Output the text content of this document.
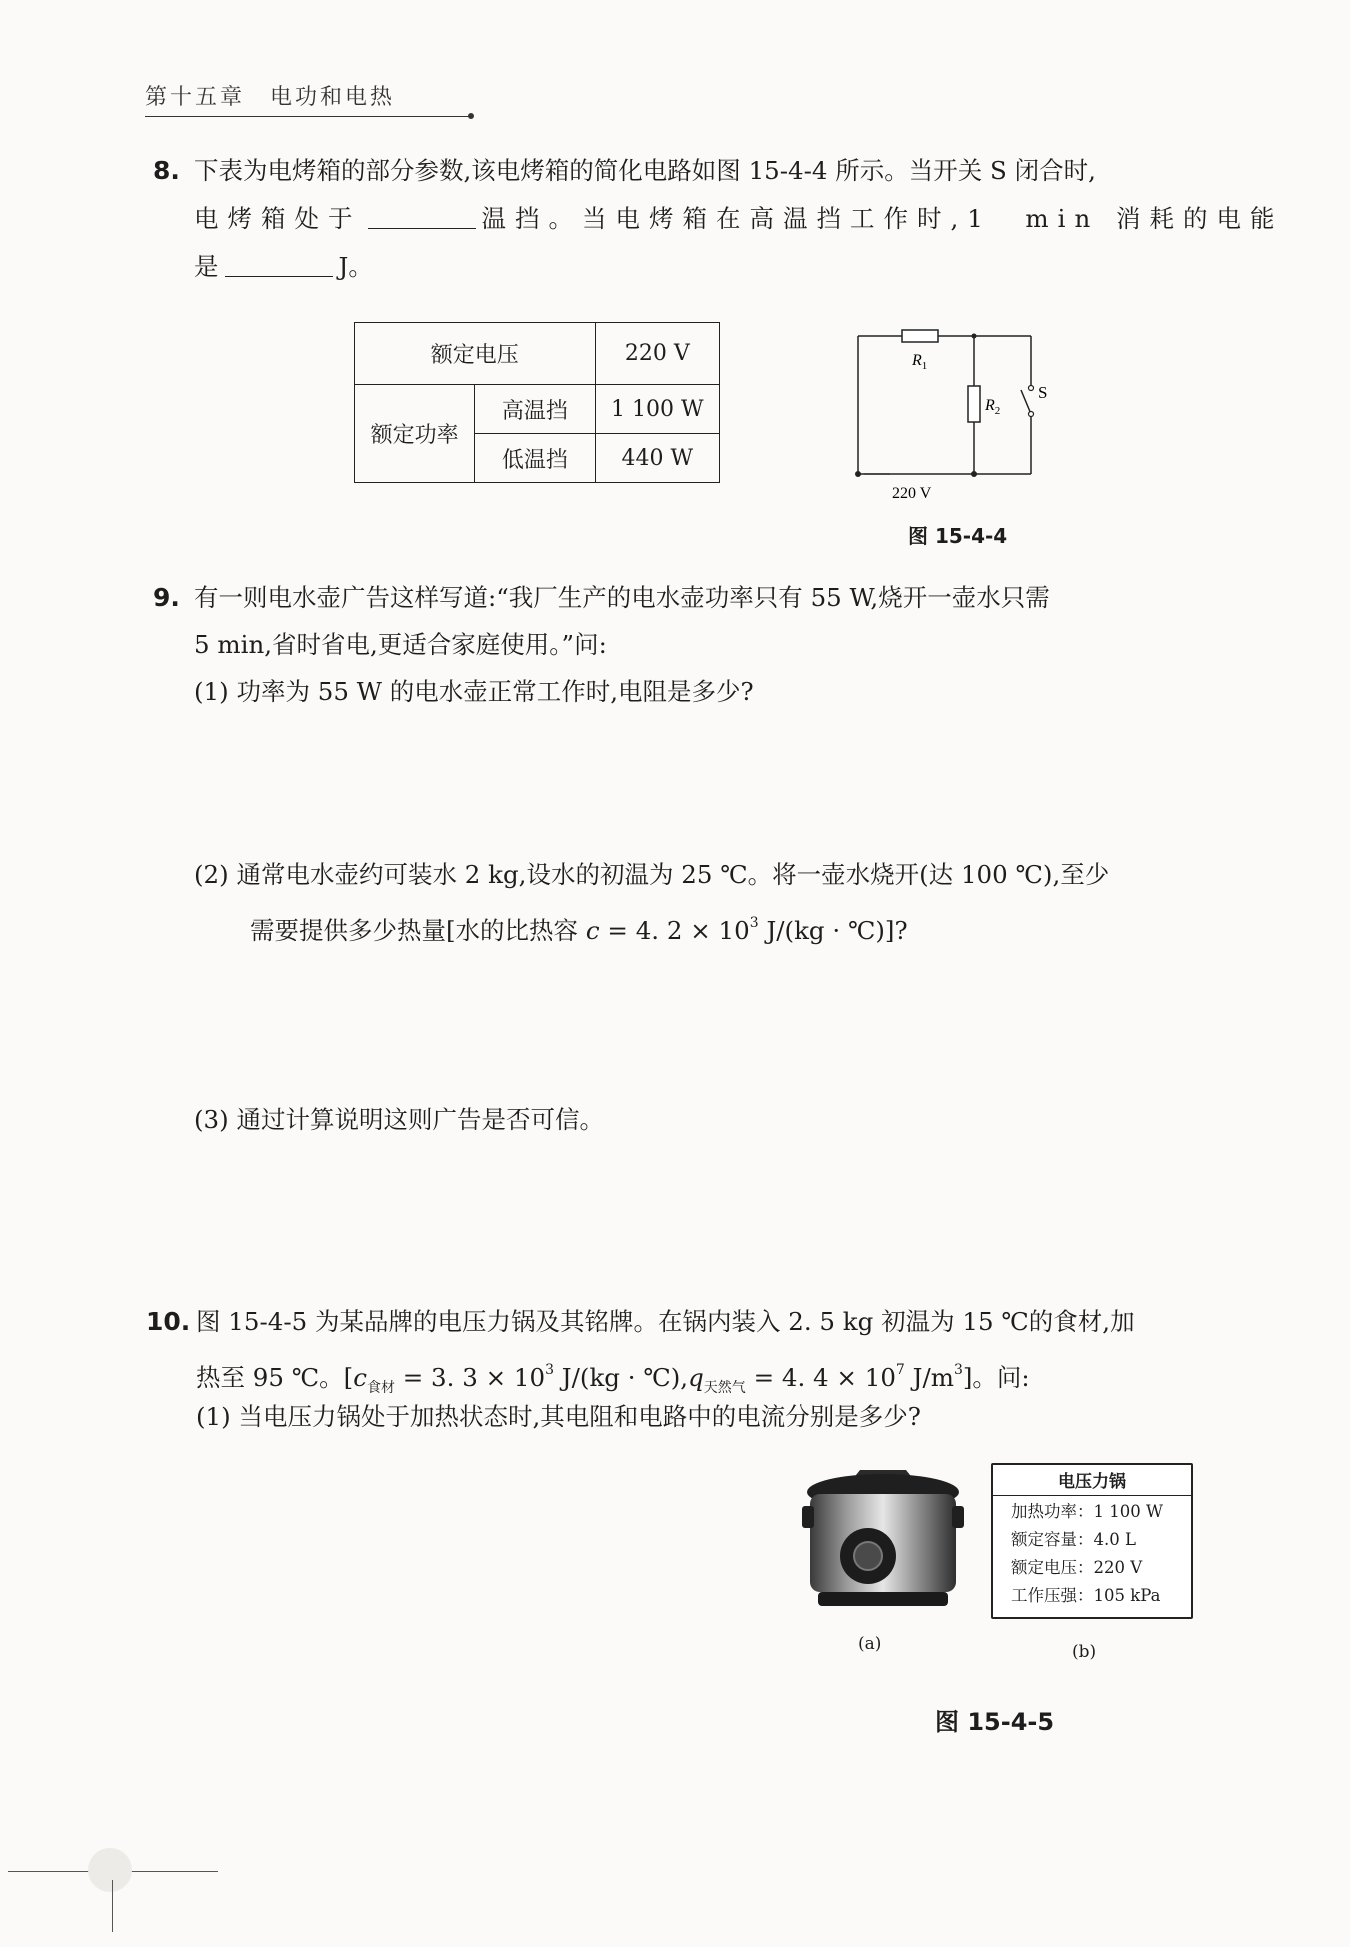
第十五章　电功和电热
8. 下表为电烤箱的部分参数,该电烤箱的简化电路如图 15-4-4 所示。当开关 S 闭合时,
电烤箱处于	温挡。当电烤箱在高温挡工作时,1　min 消耗的电能
是	J。
额定电压		220 V
额定功率	高温挡	1 100 W
	低温挡	440 W
$R_1$
$R_2$
S
220 V
图 15-4-4
9. 有一则电水壶广告这样写道:“我厂生产的电水壶功率只有 55 W,烧开一壶水只需
5 min,省时省电,更适合家庭使用。”问:
(1) 功率为 55 W 的电水壶正常工作时,电阻是多少?
(2) 通常电水壶约可装水 2 kg,设水的初温为 25 ℃。将一壶水烧开(达 100 ℃),至少
需要提供多少热量[水的比热容 c = 4. $2 \times 10^3$ J/(kg · ℃)]?
(3) 通过计算说明这则广告是否可信。
10. 图 15-4-5 为某品牌的电压力锅及其铭牌。在锅内装入 2. 5 kg 初温为 15 ℃的食材,加
热至 95 ℃。[$c_{食材} = 3$. $3 \times 10^3$ $J/(kg \cdot ℃),q_{天然气} = 4$. $4 \times 10^7$ $J/m^3$]。问:
(1) 当电压力锅处于加热状态时,其电阻和电路中的电流分别是多少?
(a)
电压力锅
加热功率：1 100 W
额定容量：4.0 L
额定电压：220 V
工作压强：105 kPa
(b)
图 15-4-5
